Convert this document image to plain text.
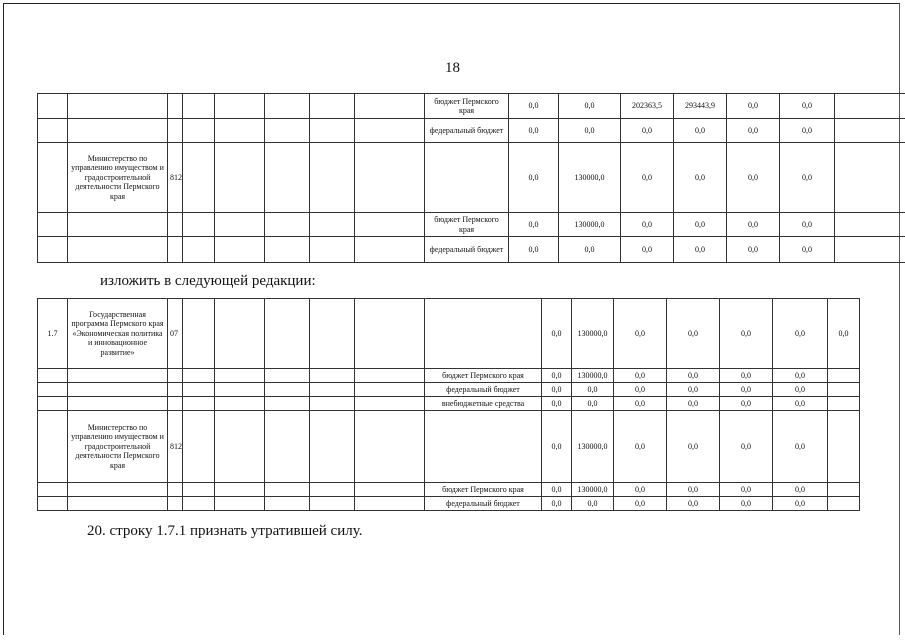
18
								бюджет Пермского края	0,0	0,0	202363,5	293443,9	0,0	0,0	
								федеральный бюджет	0,0	0,0	0,0	0,0	0,0	0,0	
	Министерство по управлению имуществом и градостроительной деятельности Пермского края	812							0,0	130000,0	0,0	0,0	0,0	0,0	
								бюджет Пермского края	0,0	130000,0	0,0	0,0	0,0	0,0	
								федеральный бюджет	0,0	0,0	0,0	0,0	0,0	0,0	
изложить в следующей редакции:
1.7	Государственная программа Пермского края «Экономическая политика и инновационное развитие»	07							0,0	130000,0	0,0	0,0	0,0	0,0	0,0
								бюджет Пермского края	0,0	130000,0	0,0	0,0	0,0	0,0	
								федеральный бюджет	0,0	0,0	0,0	0,0	0,0	0,0	
								внебюджетные средства	0,0	0,0	0,0	0,0	0,0	0,0	
	Министерство по управлению имуществом и градостроительной деятельности Пермского края	812							0,0	130000,0	0,0	0,0	0,0	0,0	
								бюджет Пермского края	0,0	130000,0	0,0	0,0	0,0	0,0	
								федеральный бюджет	0,0	0,0	0,0	0,0	0,0	0,0	
20. строку 1.7.1 признать утратившей силу.
